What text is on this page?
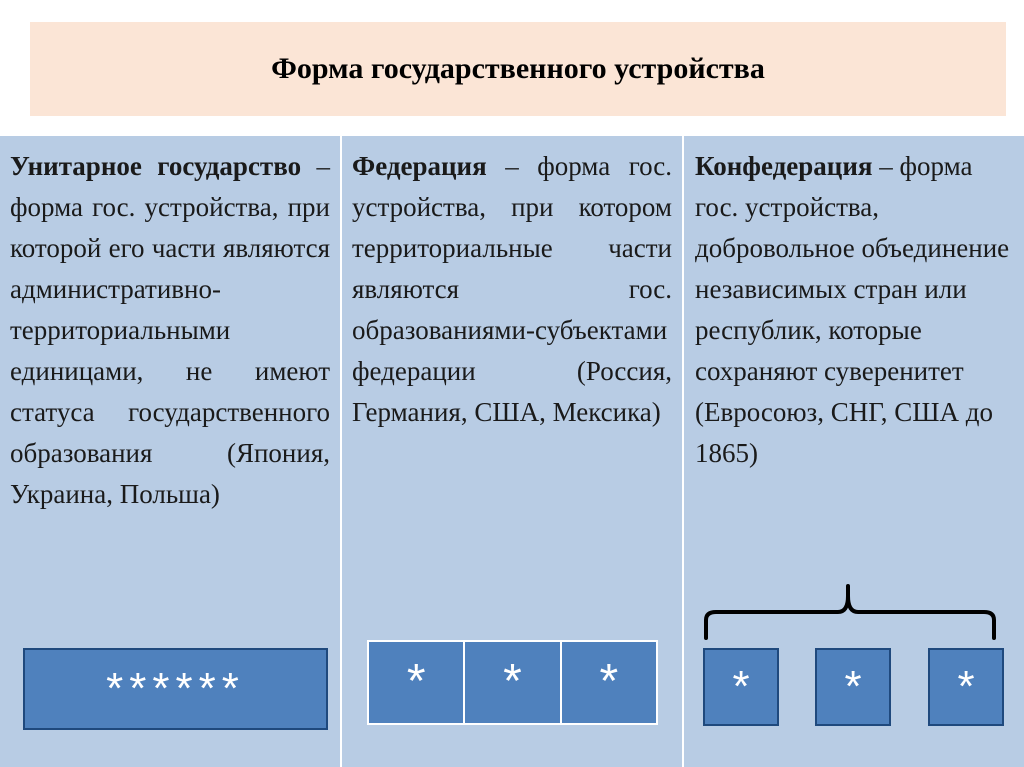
Форма государственного устройства
Унитарное государство – форма гос. устройства, при которой его части являются административно-территориальными единицами, не имеют статуса государственного образования (Япония, Украина, Польша)
Федерация – форма гос. устройства, при котором территориальные части являются гос. образованиями-субъектами федерации (Россия, Германия, США, Мексика)
Конфедерация – форма гос. устройства, добровольное объединение независимых стран или республик, которые сохраняют суверенитет (Евросоюз, СНГ, США до 1865)
******	*	*	*	*	*	*
